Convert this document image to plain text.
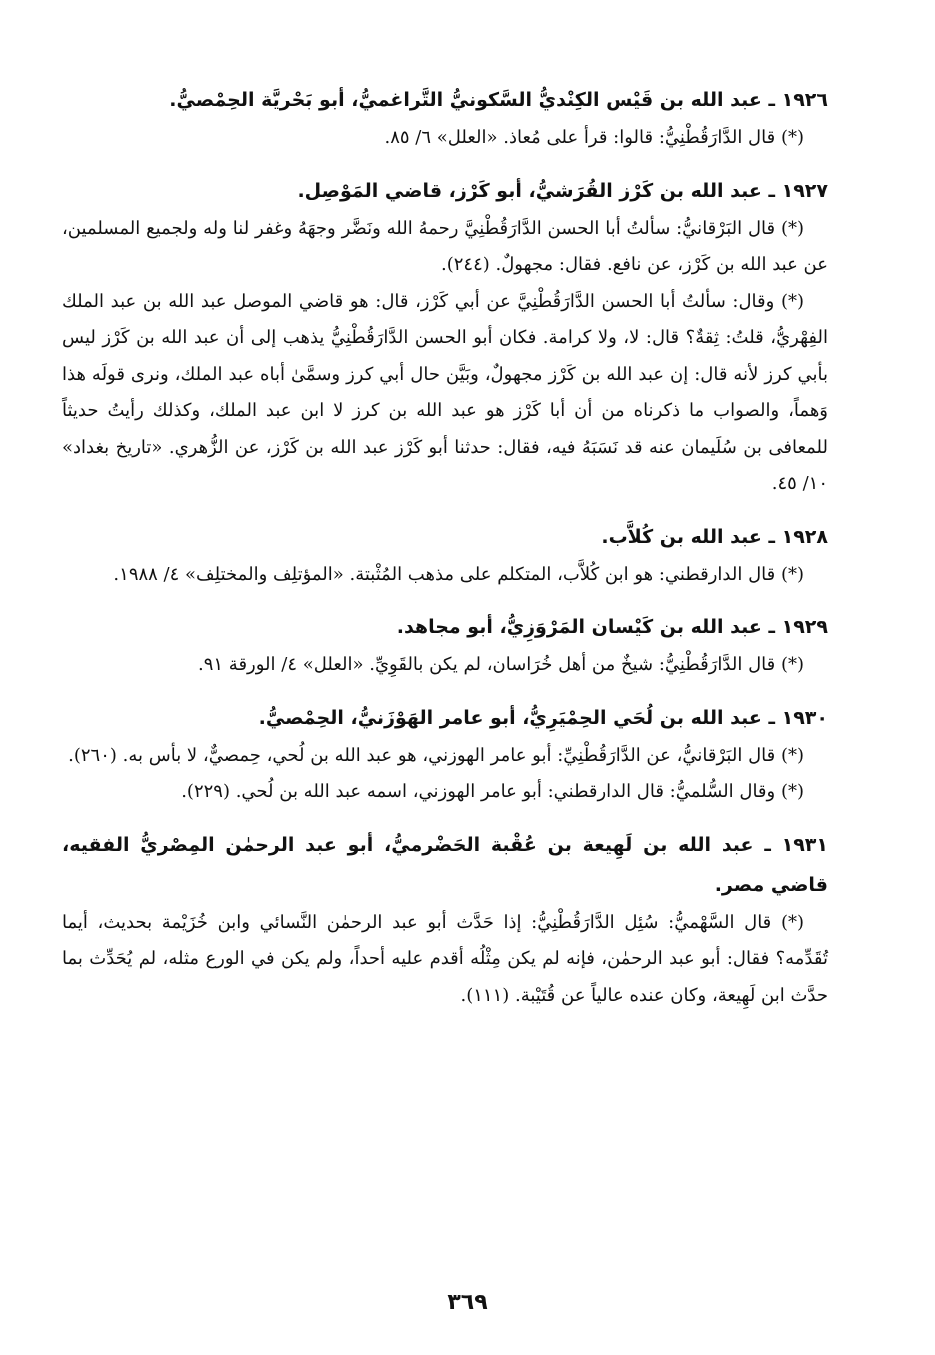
١٩٢٦ ـ عبد الله بن قَيْس الكِنْديُّ السَّكونيُّ التَّراغميُّ، أبو بَحْريَّة الحِمْصيُّ.

(*) قال الدَّارَقُطْنِيُّ: قالوا: قرأ على مُعاذ. «العلل» ٦/ ٨٥.

١٩٢٧ ـ عبد الله بن كَرْز القُرَشيُّ، أبو كَرْز، قاضي المَوْصِل.

(*) قال البَرْقانيُّ: سألتُ أبا الحسن الدَّارَقُطْنِيَّ رحمهُ الله ونَضَّر وجهَهُ وغفر لنا وله ولجميع المسلمين، عن عبد الله بن كَرْز، عن نافع. فقال: مجهولٌ. (٢٤٤).

(*) وقال: سألتُ أبا الحسن الدَّارَقُطْنِيَّ عن أبي كَرْز، قال: هو قاضي الموصل عبد الله بن عبد الملك الفِهْريُّ، قلتُ: ثِقةٌ؟ قال: لا، ولا كرامة. فكان أبو الحسن الدَّارَقُطْنِيُّ يذهب إلى أن عبد الله بن كَرْز ليس بأبي كرز لأنه قال: إن عبد الله بن كَرْز مجهولٌ، وبَيَّن حال أبي كرز وسمَّىٰ أباه عبد الملك، ونرى قولَه هذا وَهماً، والصواب ما ذكرناه من أن أبا كَرْز هو عبد الله بن كرز لا ابن عبد الملك، وكذلك رأيتُ حديثاً للمعافى بن سُلَيمان عنه قد نَسَبَهُ فيه، فقال: حدثنا أبو كَرْز عبد الله بن كَرْز، عن الزُّهري. «تاريخ بغداد» ١٠/ ٤٥.

١٩٢٨ ـ عبد الله بن كُلاَّب.

(*) قال الدارقطني: هو ابن كُلاَّب، المتكلم على مذهب المُثْبتة. «المؤتلِف والمختلِف» ٤/ ١٩٨٨.

١٩٢٩ ـ عبد الله بن كَيْسان المَرْوَزِيُّ، أبو مجاهد.

(*) قال الدَّارَقُطْنِيُّ: شيخٌ من أهل خُرَاسان، لم يكن بالقَوِيِّ. «العلل» ٤/ الورقة ٩١.

١٩٣٠ ـ عبد الله بن لُحَي الحِمْيَرِيُّ، أبو عامر الهَوْزَنيُّ، الحِمْصيُّ.

(*) قال البَرْقانيُّ، عن الدَّارَقُطْنِيِّ: أبو عامر الهوزني، هو عبد الله بن لُحي، حِمصيٌّ، لا بأس به. (٢٦٠).

(*) وقال السُّلميُّ: قال الدارقطني: أبو عامر الهوزني، اسمه عبد الله بن لُحي. (٢٢٩).

١٩٣١ ـ عبد الله بن لَهِيعة بن عُقْبة الحَضْرميُّ، أبو عبد الرحمٰن المِصْريُّ الفقيه، قاضي مصر.

(*) قال السَّهْميُّ: سُئِل الدَّارَقُطْنِيُّ: إذا حَدَّث أبو عبد الرحمٰن النَّسائي وابن خُزَيْمة بحديث، أيما تُقَدِّمه؟ فقال: أبو عبد الرحمٰن، فإنه لم يكن مِثْلُه أقدم عليه أحداً، ولم يكن في الورع مثله، لم يُحَدِّث بما حدَّث ابن لَهِيعة، وكان عنده عالياً عن قُتَيْبة. (١١١).

٣٦٩
